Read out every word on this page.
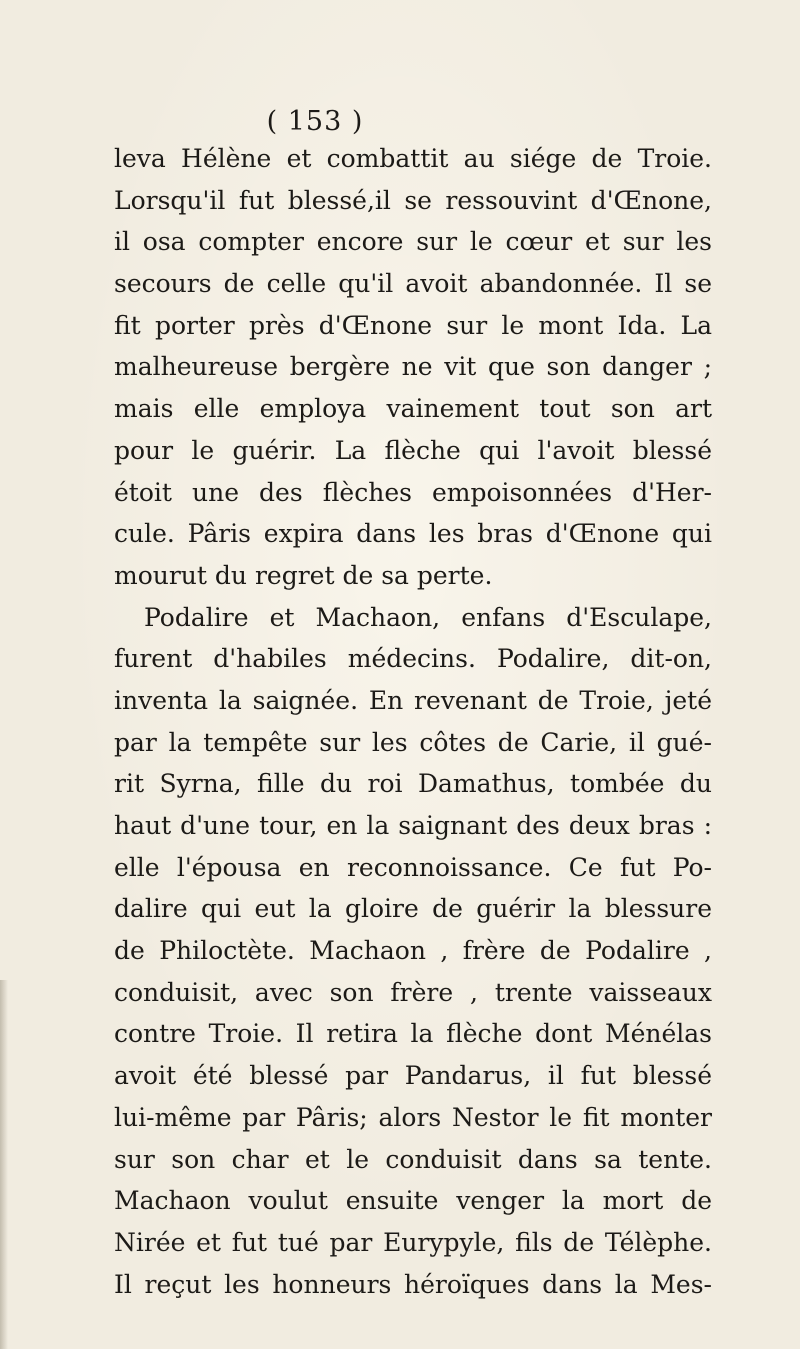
( 153 )
leva Hélène et combattit au siége de Troie.
Lorsqu'il fut blessé,il se ressouvint d'Œnone,
il osa compter encore sur le cœur et sur les
secours de celle qu'il avoit abandonnée. Il se
fit porter près d'Œnone sur le mont Ida. La
malheureuse bergère ne vit que son danger ;
mais elle employa vainement tout son art
pour le guérir. La flèche qui l'avoit blessé
étoit une des flèches empoisonnées d'Her-
cule. Pâris expira dans les bras d'Œnone qui
mourut du regret de sa perte.
Podalire et Machaon, enfans d'Esculape,
furent d'habiles médecins. Podalire, dit-on,
inventa la saignée. En revenant de Troie, jeté
par la tempête sur les côtes de Carie, il gué-
rit Syrna, fille du roi Damathus, tombée du
haut d'une tour, en la saignant des deux bras :
elle l'épousa en reconnoissance. Ce fut Po-
dalire qui eut la gloire de guérir la blessure
de Philoctète. Machaon , frère de Podalire ,
conduisit, avec son frère , trente vaisseaux
contre Troie. Il retira la flèche dont Ménélas
avoit été blessé par Pandarus, il fut blessé
lui-même par Pâris; alors Nestor le fit monter
sur son char et le conduisit dans sa tente.
Machaon voulut ensuite venger la mort de
Nirée et fut tué par Eurypyle, fils de Télèphe.
Il reçut les honneurs héroïques dans la Mes-
